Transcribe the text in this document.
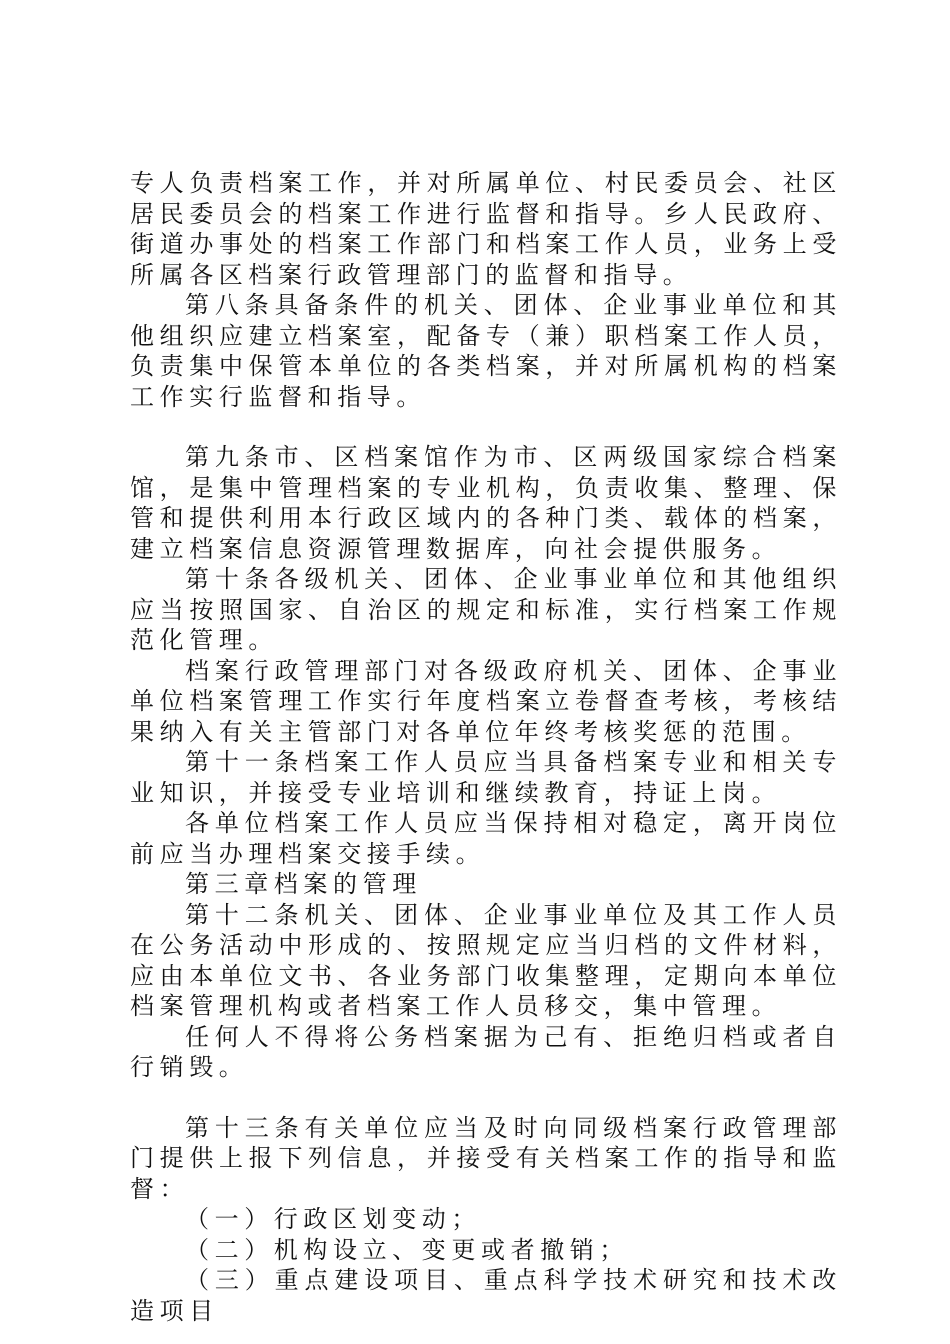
专人负责档案工作，并对所属单位、村民委员会、社区居民委员会的档案工作进行监督和指导。乡人民政府、街道办事处的档案工作部门和档案工作人员，业务上受所属各区档案行政管理部门的监督和指导。

第八条具备条件的机关、团体、企业事业单位和其他组织应建立档案室，配备专（兼）职档案工作人员，负责集中保管本单位的各类档案，并对所属机构的档案工作实行监督和指导。

第九条市、区档案馆作为市、区两级国家综合档案馆，是集中管理档案的专业机构，负责收集、整理、保管和提供利用本行政区域内的各种门类、载体的档案，建立档案信息资源管理数据库，向社会提供服务。

第十条各级机关、团体、企业事业单位和其他组织应当按照国家、自治区的规定和标准，实行档案工作规范化管理。

档案行政管理部门对各级政府机关、团体、企事业单位档案管理工作实行年度档案立卷督查考核，考核结果纳入有关主管部门对各单位年终考核奖惩的范围。

第十一条档案工作人员应当具备档案专业和相关专业知识，并接受专业培训和继续教育，持证上岗。

各单位档案工作人员应当保持相对稳定，离开岗位前应当办理档案交接手续。

第三章档案的管理

第十二条机关、团体、企业事业单位及其工作人员在公务活动中形成的、按照规定应当归档的文件材料，应由本单位文书、各业务部门收集整理，定期向本单位档案管理机构或者档案工作人员移交，集中管理。

任何人不得将公务档案据为己有、拒绝归档或者自行销毁。

第十三条有关单位应当及时向同级档案行政管理部门提供上报下列信息，并接受有关档案工作的指导和监督：

（一）行政区划变动；

（二）机构设立、变更或者撤销；

（三）重点建设项目、重点科学技术研究和技术改造项目
